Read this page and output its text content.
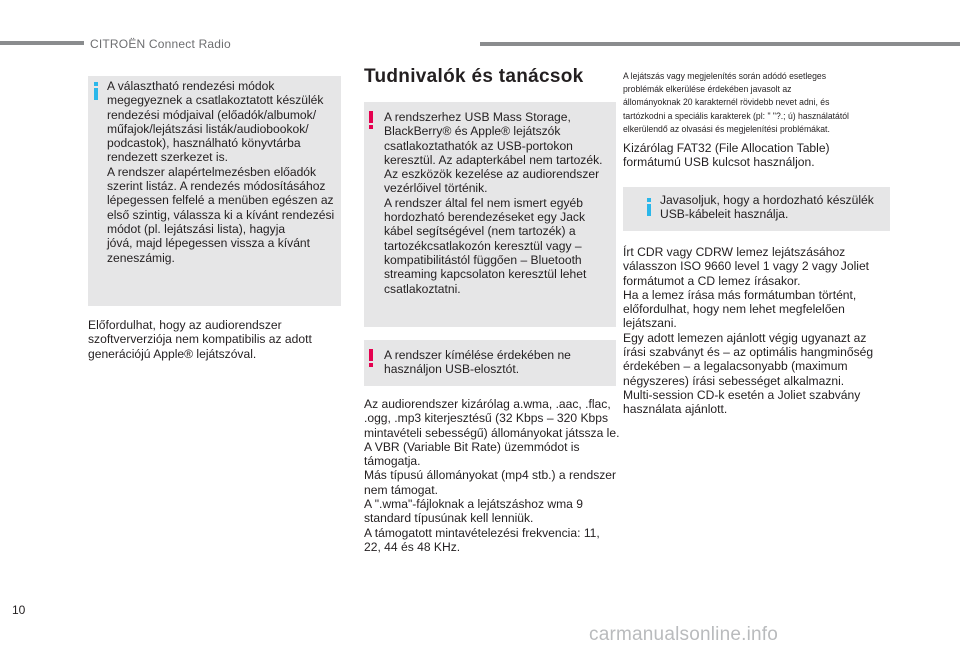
CITROËN Connect Radio
A választható rendezési módok
megegyeznek a csatlakoztatott készülék
rendezési módjaival (előadók/albumok/
műfajok/lejátszási listák/audiobookok/
podcastok), használható könyvtárba
rendezett szerkezet is.
A rendszer alapértelmezésben előadók
szerint listáz. A rendezés módosításához
lépegessen felfelé a menüben egészen az
első szintig, válassza ki a kívánt rendezési
módot (pl. lejátszási lista), hagyja
jóvá, majd lépegessen vissza a kívánt
zeneszámig.
Előfordulhat, hogy az audiorendszer
szoftververziója nem kompatibilis az adott
generációjú Apple® lejátszóval.
Tudnivalók és tanácsok
A rendszerhez USB Mass Storage,
BlackBerry® és Apple® lejátszók
csatlakoztathatók az USB-portokon
keresztül. Az adapterkábel nem tartozék.
Az eszközök kezelése az audiorendszer
vezérlőivel történik.
A rendszer által fel nem ismert egyéb
hordozható berendezéseket egy Jack
kábel segítségével (nem tartozék) a
tartozékcsatlakozón keresztül vagy –
kompatibilitástól függően – Bluetooth
streaming kapcsolaton keresztül lehet
csatlakoztatni.
A rendszer kímélése érdekében ne
használjon USB-elosztót.
Az audiorendszer kizárólag a.wma, .aac, .flac,
.ogg, .mp3 kiterjesztésű (32 Kbps – 320 Kbps
mintavételi sebességű) állományokat játssza le.
A VBR (Variable Bit Rate) üzemmódot is
támogatja.
Más típusú állományokat (mp4 stb.) a rendszer
nem támogat.
A ".wma"-fájloknak a lejátszáshoz wma 9
standard típusúnak kell lenniük.
A támogatott mintavételezési frekvencia: 11,
22, 44 és 48 KHz.
A lejátszás vagy megjelenítés során adódó esetleges
problémák elkerülése érdekében javasolt az
állományoknak 20 karakternél rövidebb nevet adni, és
tartózkodni a speciális karakterek (pl: " "?.; ú) használatától
elkerülendő az olvasási és megjelenítési problémákat.
Kizárólag FAT32 (File Allocation Table)
formátumú USB kulcsot használjon.
Javasoljuk, hogy a hordozható készülék
USB-kábeleit használja.
Írt CDR vagy CDRW lemez lejátszásához
válasszon ISO 9660 level 1 vagy 2 vagy Joliet
formátumot a CD lemez írásakor.
Ha a lemez írása más formátumban történt,
előfordulhat, hogy nem lehet megfelelően
lejátszani.
Egy adott lemezen ajánlott végig ugyanazt az
írási szabványt és – az optimális hangminőség
érdekében – a legalacsonyabb (maximum
négyszeres) írási sebességet alkalmazni.
Multi-session CD-k esetén a Joliet szabvány
használata ajánlott.
10
carmanualsonline.info
